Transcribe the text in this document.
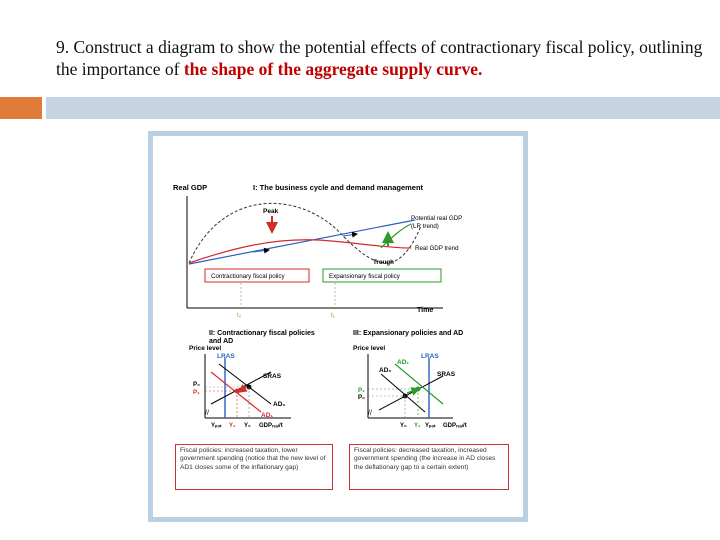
9. Construct a diagram to show the potential effects of contractionary fiscal policy, outlining the importance of the shape of the aggregate supply curve.
Real GDP	I: The business cycle and demand management
Peak
Potential real GDP
(LR trend)
Real GDP trend
Trough
Contractionary fiscal policy	Expansionary fiscal policy
t₀	t₁
Time
II: Contractionary fiscal policies
and AD
Price level
//
LRAS
SRAS
AD₀
AD₁
P₀
P₁
Yₚₒₜ Y₁ Y₀ GDPᵣₑₐₗ/t
III: Expansionary policies and AD
Price level
//
LRAS
SRAS
AD₀
AD₁
P₁
P₀
Y₀ Y₁ Yₚₒₜ GDPᵣₑₐₗ/t
Fiscal policies: increased taxation, lower government spending (notice that the new level of AD1 closes some of the inflationary gap)
Fiscal policies: decreased taxation, increased government spending (the increase in AD closes the deflationary gap to a certain extent)
